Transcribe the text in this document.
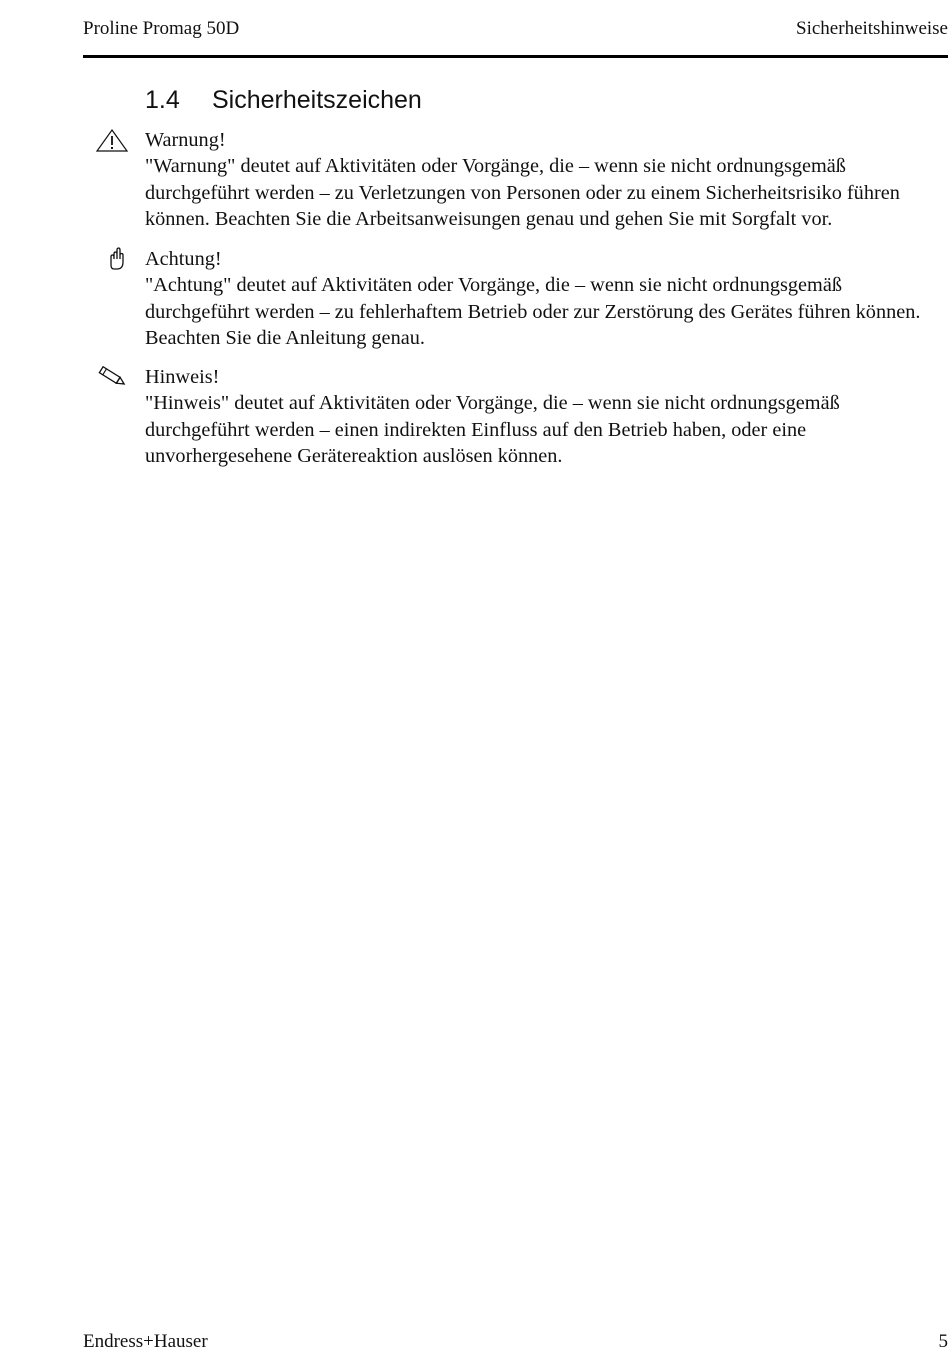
Proline Promag 50D	Sicherheitshinweise
1.4 Sicherheitszeichen
Warnung!
"Warnung" deutet auf Aktivitäten oder Vorgänge, die – wenn sie nicht ordnungsgemäß durchgeführt werden – zu Verletzungen von Personen oder zu einem Sicherheitsrisiko führen können. Beachten Sie die Arbeitsanweisungen genau und gehen Sie mit Sorgfalt vor.
Achtung!
"Achtung" deutet auf Aktivitäten oder Vorgänge, die – wenn sie nicht ordnungsgemäß durchgeführt werden – zu fehlerhaftem Betrieb oder zur Zerstörung des Gerätes führen können. Beachten Sie die Anleitung genau.
Hinweis!
"Hinweis" deutet auf Aktivitäten oder Vorgänge, die – wenn sie nicht ordnungsgemäß durchgeführt werden – einen indirekten Einfluss auf den Betrieb haben, oder eine unvorhergesehene Gerätereaktion auslösen können.
Endress+Hauser	5
